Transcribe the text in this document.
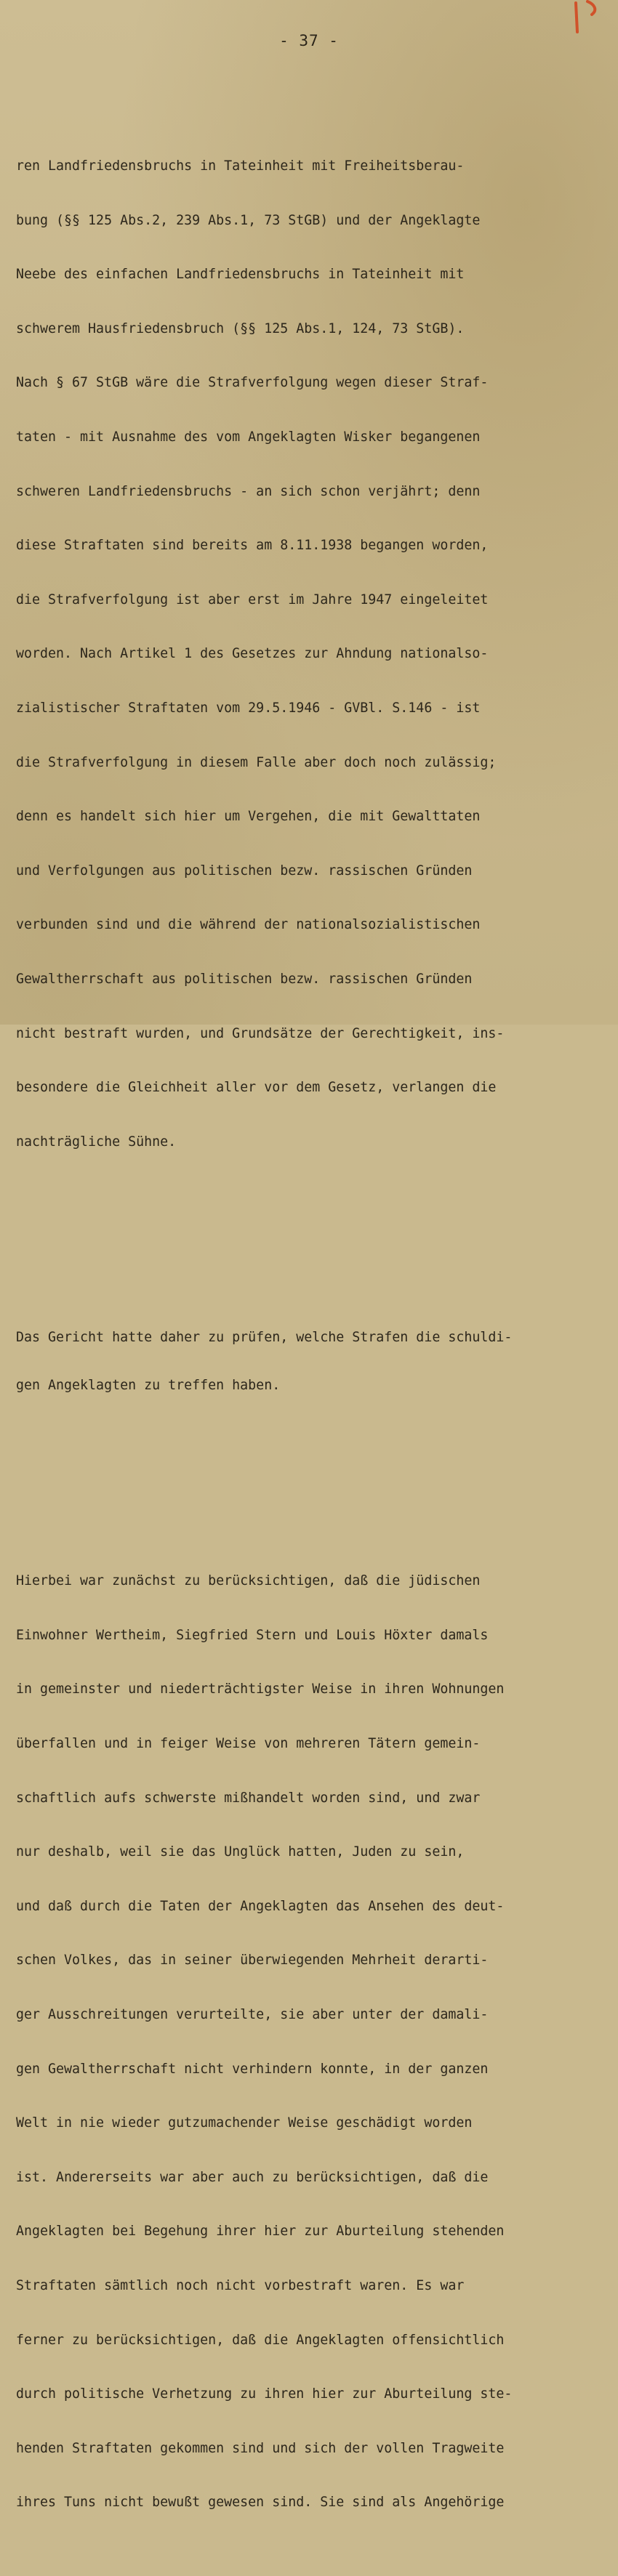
- 37 -

ren Landfriedensbruchs in Tateinheit mit Freiheitsberau-

bung (§§ 125 Abs.2, 239 Abs.1, 73 StGB) und der Angeklagte

Neebe des einfachen Landfriedensbruchs in Tateinheit mit

schwerem Hausfriedensbruch (§§ 125 Abs.1, 124, 73 StGB).

Nach § 67 StGB wäre die Strafverfolgung wegen dieser Straf-

taten - mit Ausnahme des vom Angeklagten Wisker begangenen

schweren Landfriedensbruchs - an sich schon verjährt; denn

diese Straftaten sind bereits am 8.11.1938 begangen worden,

die Strafverfolgung ist aber erst im Jahre 1947 eingeleitet

worden. Nach Artikel 1 des Gesetzes zur Ahndung nationalso-

zialistischer Straftaten vom 29.5.1946 - GVBl. S.146 - ist

die Strafverfolgung in diesem Falle aber doch noch zulässig;

denn es handelt sich hier um Vergehen, die mit Gewalttaten

und Verfolgungen aus politischen bezw. rassischen Gründen

verbunden sind und die während der nationalsozialistischen

Gewaltherrschaft aus politischen bezw. rassischen Gründen

nicht bestraft wurden, und Grundsätze der Gerechtigkeit, ins-

besondere die Gleichheit aller vor dem Gesetz, verlangen die

nachträgliche Sühne.

Das Gericht hatte daher zu prüfen, welche Strafen die schuldi-

gen Angeklagten zu treffen haben.

Hierbei war zunächst zu berücksichtigen, daß die jüdischen

Einwohner Wertheim, Siegfried Stern und Louis Höxter damals

in gemeinster und niederträchtigster Weise in ihren Wohnungen

überfallen und in feiger Weise von mehreren Tätern gemein-

schaftlich aufs schwerste mißhandelt worden sind, und zwar

nur deshalb, weil sie das Unglück hatten, Juden zu sein,

und daß durch die Taten der Angeklagten das Ansehen des deut-

schen Volkes, das in seiner überwiegenden Mehrheit derarti-

ger Ausschreitungen verurteilte, sie aber unter der damali-

gen Gewaltherrschaft nicht verhindern konnte, in der ganzen

Welt in nie wieder gutzumachender Weise geschädigt worden

ist. Andererseits war aber auch zu berücksichtigen, daß die

Angeklagten bei Begehung ihrer hier zur Aburteilung stehenden

Straftaten sämtlich noch nicht vorbestraft waren. Es war

ferner zu berücksichtigen, daß die Angeklagten offensichtlich

durch politische Verhetzung zu ihren hier zur Aburteilung ste-

henden Straftaten gekommen sind und sich der vollen Tragweite

ihres Tuns nicht bewußt gewesen sind. Sie sind als Angehörige
